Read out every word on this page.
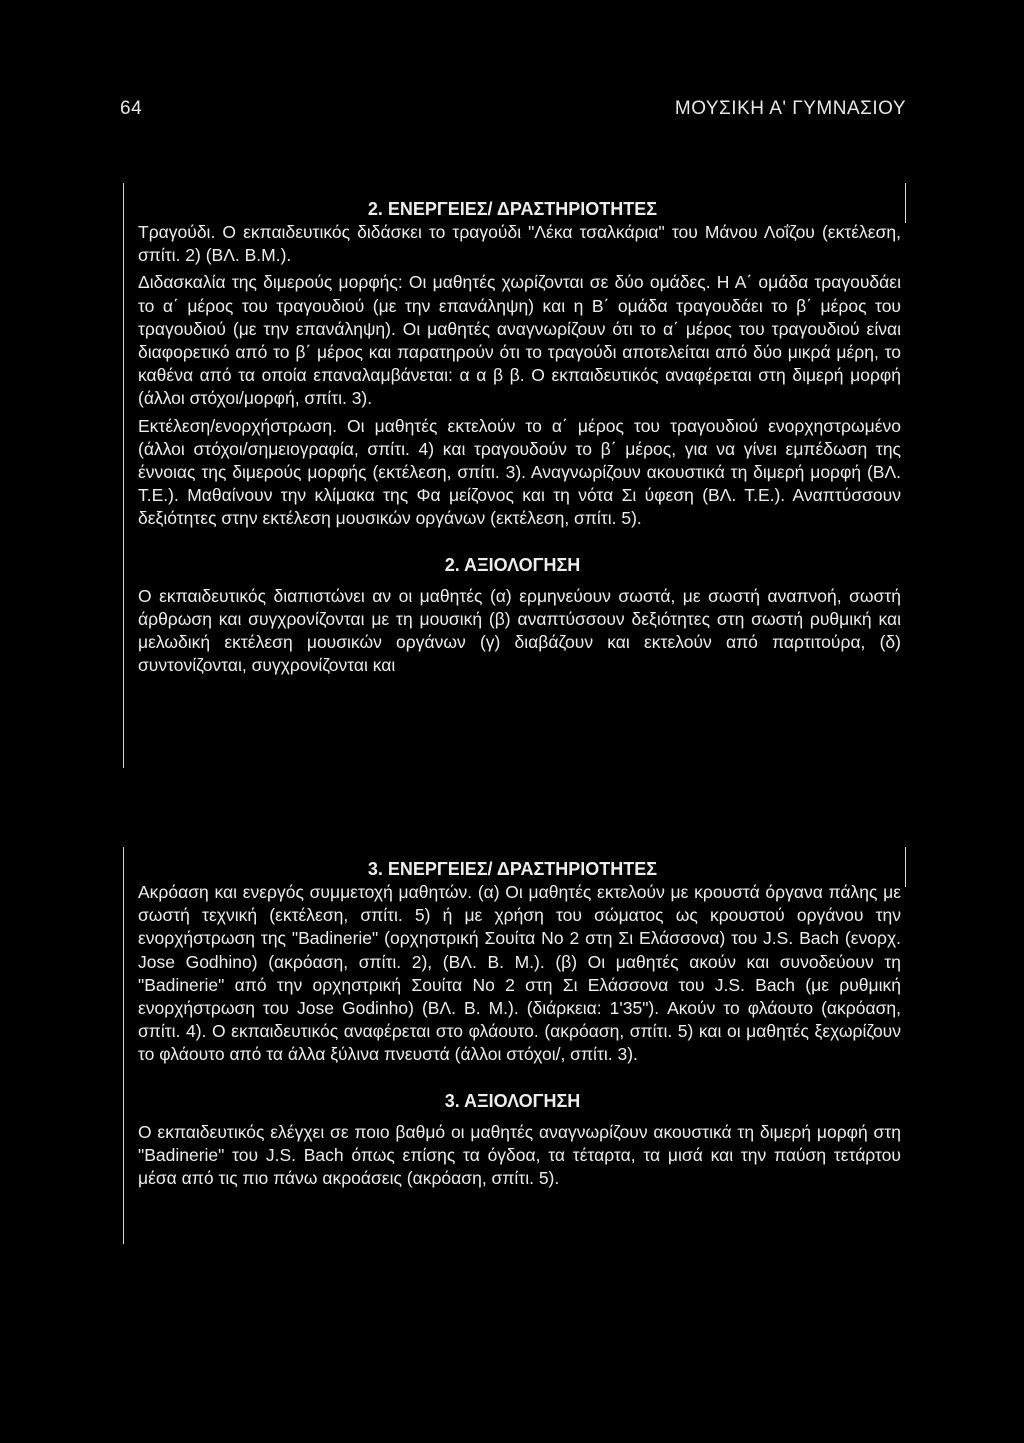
64	ΜΟΥΣΙΚΗ Α' ΓΥΜΝΑΣΙΟΥ
2. ΕΝΕΡΓΕΙΕΣ/ ΔΡΑΣΤΗΡΙΟΤΗΤΕΣ

Τραγούδι. Ο εκπαιδευτικός διδάσκει το τραγούδι "Λέκα τσαλκάρια" του Μάνου Λοΐζου (εκτέλεση, σπίτι. 2) (ΒΛ. Β.Μ.).

Διδασκαλία της διμερούς μορφής: Οι μαθητές χωρίζονται σε δύο ομάδες. Η Α΄ ομάδα τραγουδάει το α΄ μέρος του τραγουδιού (με την επανάληψη) και η Β΄ ομάδα τραγουδάει το β΄ μέρος του τραγουδιού (με την επανάληψη). Οι μαθητές αναγνωρίζουν ότι το α΄ μέρος του τραγουδιού είναι διαφορετικό από το β΄ μέρος και παρατηρούν ότι το τραγούδι αποτελείται από δύο μικρά μέρη, το καθένα από τα οποία επαναλαμβάνεται: α α β β. Ο εκπαιδευτικός αναφέρεται στη διμερή μορφή (άλλοι στόχοι/μορφή, σπίτι. 3).

Εκτέλεση/ενορχήστρωση. Οι μαθητές εκτελούν το α΄ μέρος του τραγουδιού ενορχηστρωμένο (άλλοι στόχοι/σημειογραφία, σπίτι. 4) και τραγουδούν το β΄ μέρος, για να γίνει εμπέδωση της έννοιας της διμερούς μορφής (εκτέλεση, σπίτι. 3). Αναγνωρίζουν ακουστικά τη διμερή μορφή (ΒΛ. Τ.Ε.). Μαθαίνουν την κλίμακα της Φα μείζονος και τη νότα Σι ύφεση (ΒΛ. Τ.Ε.). Αναπτύσσουν δεξιότητες στην εκτέλεση μουσικών οργάνων (εκτέλεση, σπίτι. 5).

2. ΑΞΙΟΛΟΓΗΣΗ

Ο εκπαιδευτικός διαπιστώνει αν οι μαθητές (α) ερμηνεύουν σωστά, με σωστή αναπνοή, σωστή άρθρωση και συγχρονίζονται με τη μουσική (β) αναπτύσσουν δεξιότητες στη σωστή ρυθμική και μελωδική εκτέλεση μουσικών οργάνων (γ) διαβάζουν και εκτελούν από παρτιτούρα, (δ) συντονίζονται, συγχρονίζονται και

3. ΕΝΕΡΓΕΙΕΣ/ ΔΡΑΣΤΗΡΙΟΤΗΤΕΣ

Ακρόαση και ενεργός συμμετοχή μαθητών. (α) Οι μαθητές εκτελούν με κρουστά όργανα πάλης με σωστή τεχνική (εκτέλεση, σπίτι. 5) ή με χρήση του σώματος ως κρουστού οργάνου την ενορχήστρωση της "Badinerie" (ορχηστρική Σουίτα Νο 2 στη Σι Ελάσσονα) του J.S. Bach (ενορχ. Jose Godhino) (ακρόαση, σπίτι. 2), (ΒΛ. Β. Μ.). (β) Οι μαθητές ακούν και συνοδεύουν τη "Badinerie" από την ορχηστρική Σουίτα Νο 2 στη Σι Ελάσσονα του J.S. Bach (με ρυθμική ενορχήστρωση του Jose Godinho) (ΒΛ. Β. Μ.). (διάρκεια: 1'35"). Ακούν το φλάουτο (ακρόαση, σπίτι. 4). Ο εκπαιδευτικός αναφέρεται στο φλάουτο. (ακρόαση, σπίτι. 5) και οι μαθητές ξεχωρίζουν το φλάουτο από τα άλλα ξύλινα πνευστά (άλλοι στόχοι/, σπίτι. 3).

3. ΑΞΙΟΛΟΓΗΣΗ

Ο εκπαιδευτικός ελέγχει σε ποιο βαθμό οι μαθητές αναγνωρίζουν ακουστικά τη διμερή μορφή στη "Badinerie" του J.S. Bach όπως επίσης τα όγδοα, τα τέταρτα, τα μισά και την παύση τετάρτου μέσα από τις πιο πάνω ακροάσεις (ακρόαση, σπίτι. 5).
